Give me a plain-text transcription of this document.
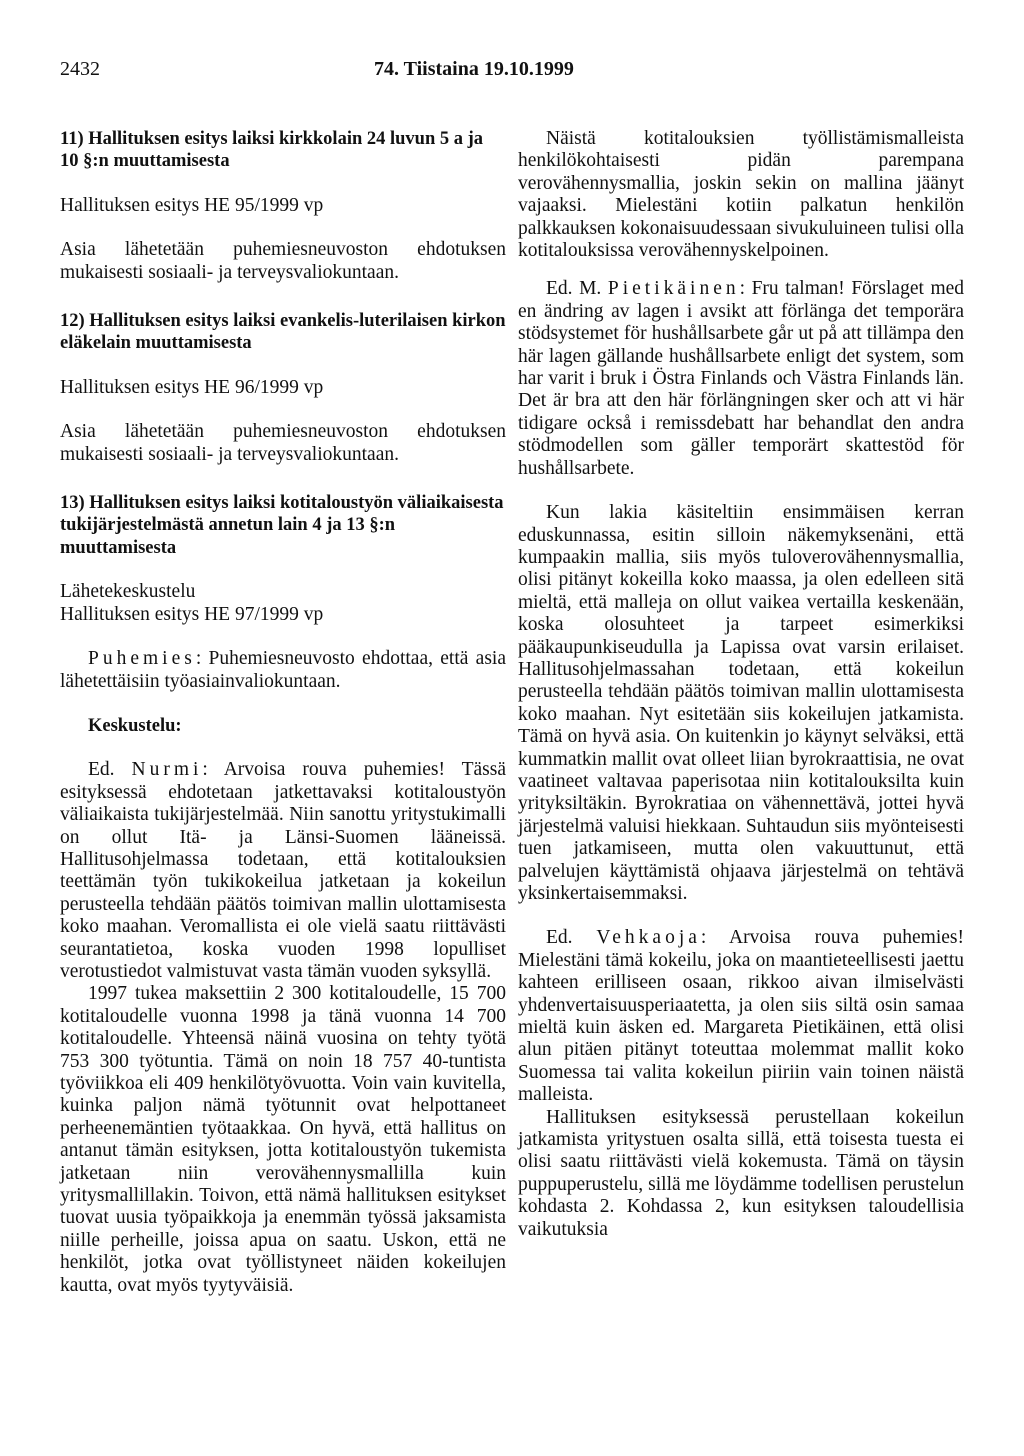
2432	74. Tiistaina 19.10.1999
11) Hallituksen esitys laiksi kirkkolain 24 luvun 5 a ja 10 §:n muuttamisesta
Hallituksen esitys HE 95/1999 vp
Asia lähetetään puhemiesneuvoston ehdotuksen mukaisesti sosiaali- ja terveysvaliokuntaan.
12) Hallituksen esitys laiksi evankelis-luterilaisen kirkon eläkelain muuttamisesta
Hallituksen esitys HE 96/1999 vp
Asia lähetetään puhemiesneuvoston ehdotuksen mukaisesti sosiaali- ja terveysvaliokuntaan.
13) Hallituksen esitys laiksi kotitaloustyön väliaikaisesta tukijärjestelmästä annetun lain 4 ja 13 §:n muuttamisesta
Lähetekeskustelu
Hallituksen esitys HE 97/1999 vp
Puhemies: Puhemiesneuvosto ehdottaa, että asia lähetettäisiin työasiainvaliokuntaan.
Keskustelu:
Ed. Nurmi: Arvoisa rouva puhemies! Tässä esityksessä ehdotetaan jatkettavaksi kotitaloustyön väliaikaista tukijärjestelmää. Niin sanottu yritystukimalli on ollut Itä- ja Länsi-Suomen lääneissä. Hallitusohjelmassa todetaan, että kotitalouksien teettämän työn tukikokeilua jatketaan ja kokeilun perusteella tehdään päätös toimivan mallin ulottamisesta koko maahan. Veromallista ei ole vielä saatu riittävästi seurantatietoa, koska vuoden 1998 lopulliset verotustiedot valmistuvat vasta tämän vuoden syksyllä.
1997 tukea maksettiin 2 300 kotitaloudelle, 15 700 kotitaloudelle vuonna 1998 ja tänä vuonna 14 700 kotitaloudelle. Yhteensä näinä vuosina on tehty työtä 753 300 työtuntia. Tämä on noin 18 757 40-tuntista työviikkoa eli 409 henkilötyövuotta. Voin vain kuvitella, kuinka paljon nämä työtunnit ovat helpottaneet perheenemäntien työtaakkaa. On hyvä, että hallitus on antanut tämän esityksen, jotta kotitaloustyön tukemista jatketaan niin verovähennysmallilla kuin yritysmallillakin. Toivon, että nämä hallituksen esitykset tuovat uusia työpaikkoja ja enemmän työssä jaksamista niille perheille, joissa apua on saatu. Uskon, että ne henkilöt, jotka ovat työllistyneet näiden kokeilujen kautta, ovat myös tyytyväisiä.
Näistä kotitalouksien työllistämismalleista henkilökohtaisesti pidän parempana verovähennysmallia, joskin sekin on mallina jäänyt vajaaksi. Mielestäni kotiin palkatun henkilön palkkauksen kokonaisuudessaan sivukuluineen tulisi olla kotitalouksissa verovähennyskelpoinen.
Ed. M. Pietikäinen: Fru talman! Förslaget med en ändring av lagen i avsikt att förlänga det temporära stödsystemet för hushållsarbete går ut på att tillämpa den här lagen gällande hushållsarbete enligt det system, som har varit i bruk i Östra Finlands och Västra Finlands län. Det är bra att den här förlängningen sker och att vi här tidigare också i remissdebatt har behandlat den andra stödmodellen som gäller temporärt skattestöd för hushållsarbete.
Kun lakia käsiteltiin ensimmäisen kerran eduskunnassa, esitin silloin näkemyksenäni, että kumpaakin mallia, siis myös tuloverovähennysmallia, olisi pitänyt kokeilla koko maassa, ja olen edelleen sitä mieltä, että malleja on ollut vaikea vertailla keskenään, koska olosuhteet ja tarpeet esimerkiksi pääkaupunkiseudulla ja Lapissa ovat varsin erilaiset. Hallitusohjelmassahan todetaan, että kokeilun perusteella tehdään päätös toimivan mallin ulottamisesta koko maahan. Nyt esitetään siis kokeilujen jatkamista. Tämä on hyvä asia. On kuitenkin jo käynyt selväksi, että kummatkin mallit ovat olleet liian byrokraattisia, ne ovat vaatineet valtavaa paperisotaa niin kotitalouksilta kuin yrityksiltäkin. Byrokratiaa on vähennettävä, jottei hyvä järjestelmä valuisi hiekkaan. Suhtaudun siis myönteisesti tuen jatkamiseen, mutta olen vakuuttunut, että palvelujen käyttämistä ohjaava järjestelmä on tehtävä yksinkertaisemmaksi.
Ed. Vehkaoja: Arvoisa rouva puhemies! Mielestäni tämä kokeilu, joka on maantieteellisesti jaettu kahteen erilliseen osaan, rikkoo aivan ilmiselvästi yhdenvertaisuusperiaatetta, ja olen siis siltä osin samaa mieltä kuin äsken ed. Margareta Pietikäinen, että olisi alun pitäen pitänyt toteuttaa molemmat mallit koko Suomessa tai valita kokeilun piiriin vain toinen näistä malleista.
Hallituksen esityksessä perustellaan kokeilun jatkamista yritystuen osalta sillä, että toisesta tuesta ei olisi saatu riittävästi vielä kokemusta. Tämä on täysin puppuperustelu, sillä me löydämme todellisen perustelun kohdasta 2. Kohdassa 2, kun esityksen taloudellisia vaikutuksia
